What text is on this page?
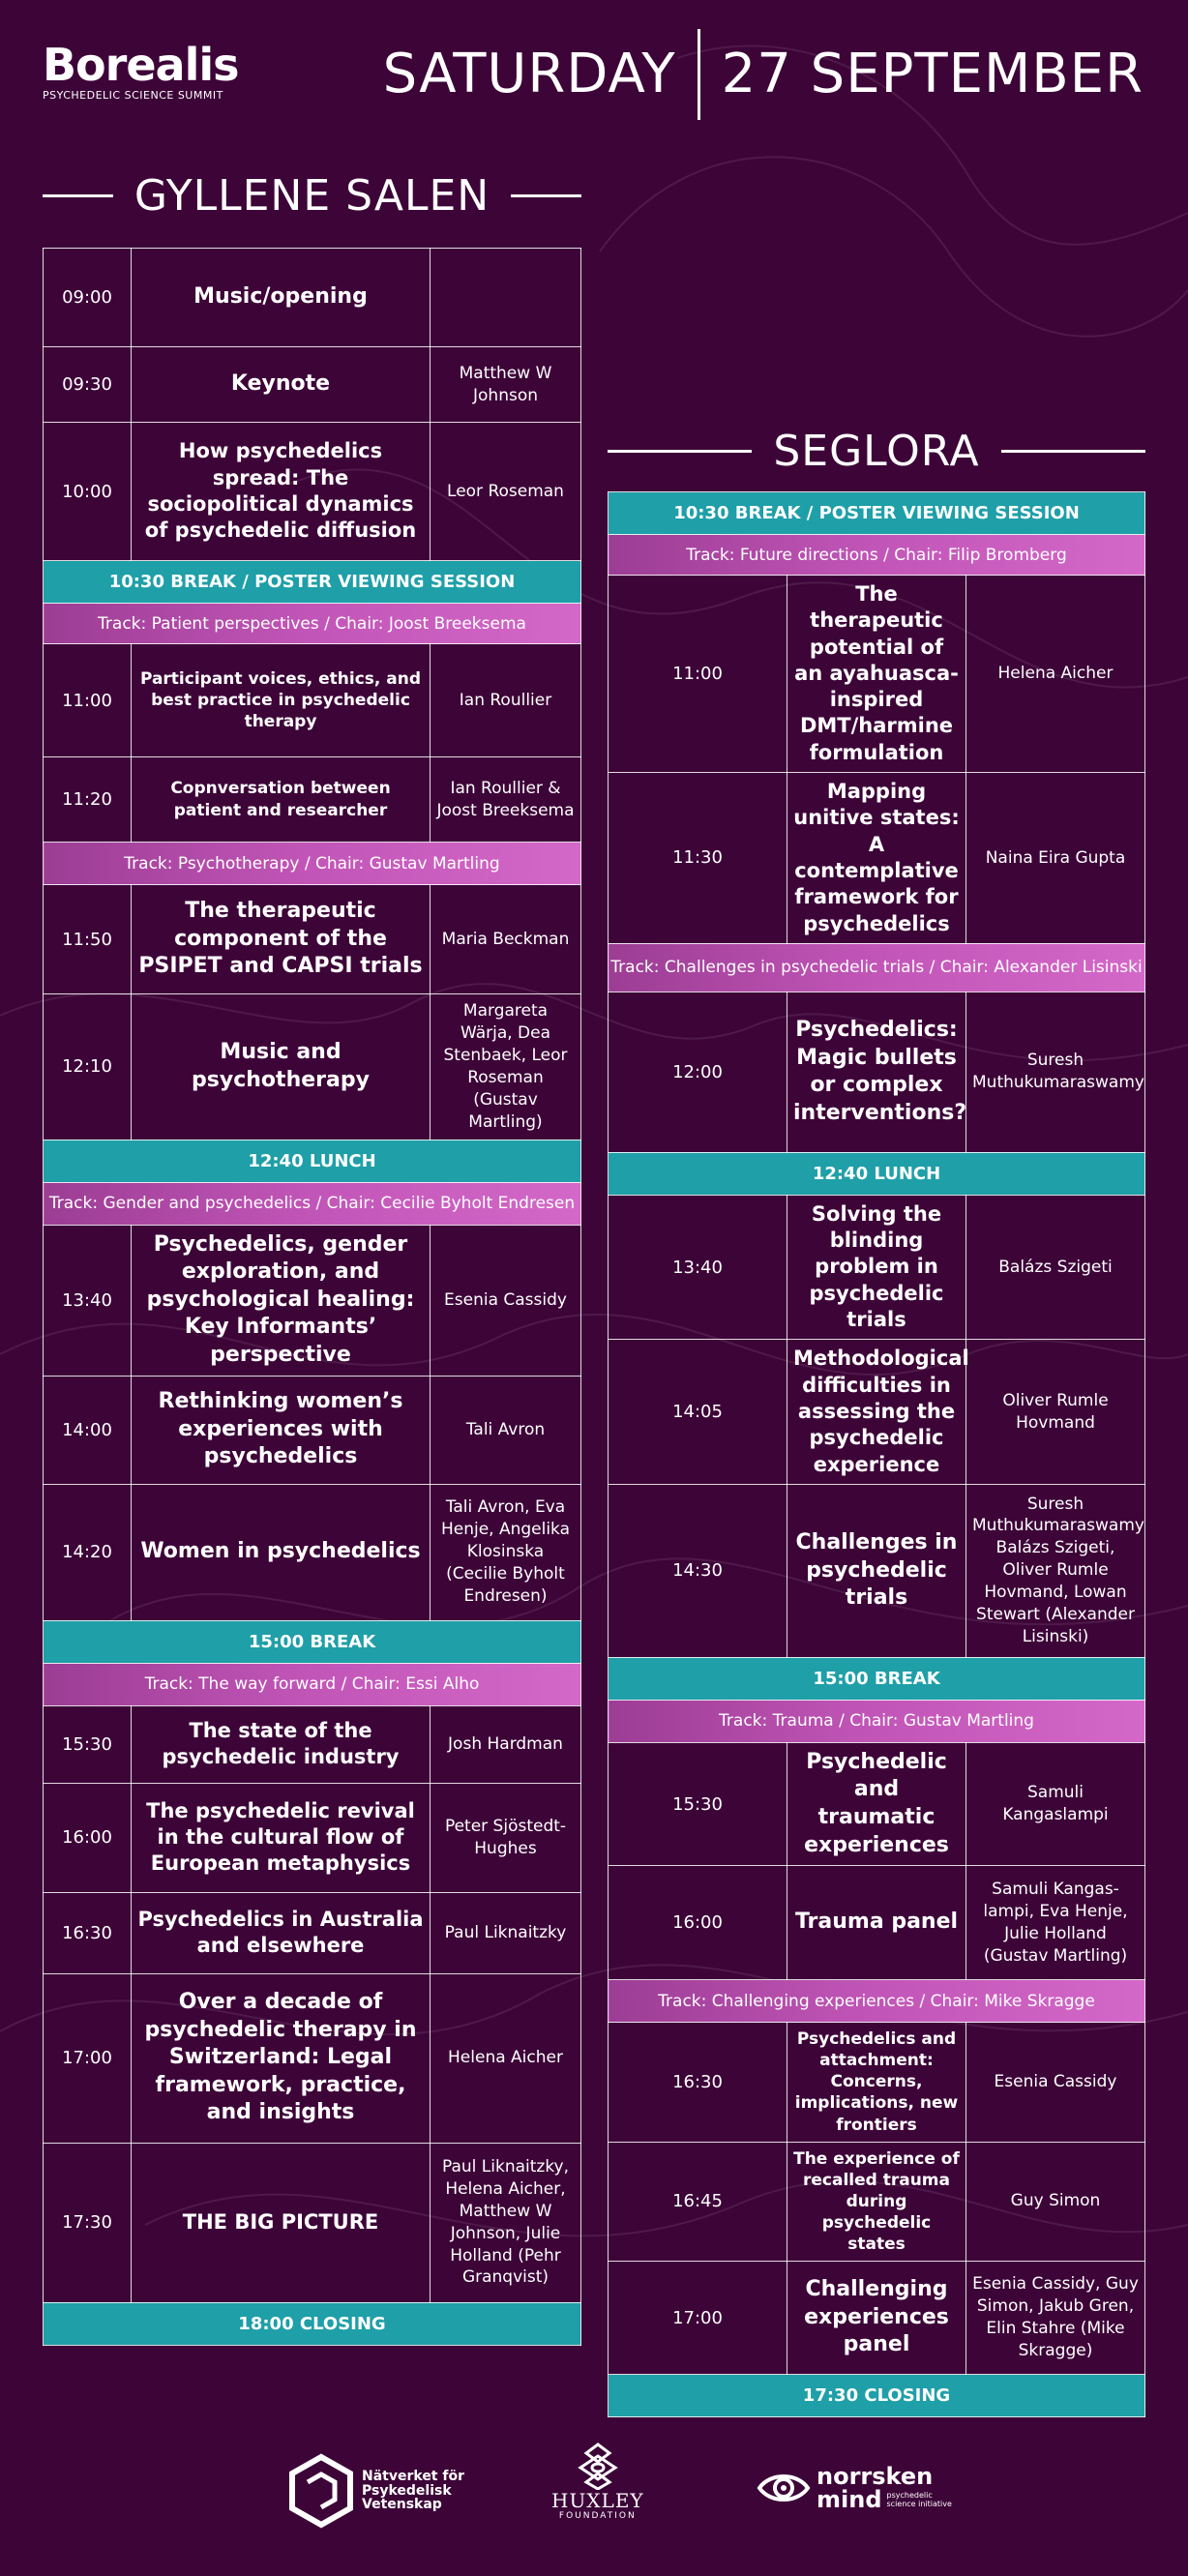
Borealis
PSYCHEDELIC SCIENCE SUMMIT	SATURDAY 27 SEPTEMBER
GYLLENE SALEN
09:00	Music/opening	
09:30	Keynote	Matthew W Johnson
10:00	How psychedelics spread: The sociopolitical dynamics of psychedelic diffusion	Leor Roseman
10:30 BREAK / POSTER VIEWING SESSION		
Track: Patient perspectives / Chair: Joost Breeksema		
11:00	Participant voices, ethics, and best practice in psychedelic therapy	Ian Roullier
11:20	Copnversation between patient and researcher	Ian Roullier & Joost Breeksema
Track: Psychotherapy / Chair: Gustav Martling		
11:50	The therapeutic component of the PSIPET and CAPSI trials	Maria Beckman
12:10	Music and psychotherapy	Margareta Wärja, Dea Stenbaek, Leor Roseman (Gustav Martling)
12:40 LUNCH		
Track: Gender and psychedelics / Chair: Cecilie Byholt Endresen		
13:40	Psychedelics, gender exploration, and psychological healing: Key Informants’ perspective	Esenia Cassidy
14:00	Rethinking women’s experiences with psychedelics	Tali Avron
14:20	Women in psychedelics	Tali Avron, Eva Henje, Angelika Klosinska (Cecilie Byholt Endresen)
15:00 BREAK		
Track: The way forward / Chair: Essi Alho		
15:30	The state of the psychedelic industry	Josh Hardman
16:00	The psychedelic revival in the cultural flow of European metaphysics	Peter Sjöstedt-Hughes
16:30	Psychedelics in Australia and elsewhere	Paul Liknaitzky
17:00	Over a decade of psychedelic therapy in Switzerland: Legal framework, practice, and insights	Helena Aicher
17:30	THE BIG PICTURE	Paul Liknaitzky, Helena Aicher, Matthew W Johnson, Julie Holland (Pehr Granqvist)
18:00 CLOSING		
SEGLORA
10:30 BREAK / POSTER VIEWING SESSION		
Track: Future directions / Chair: Filip Bromberg		
11:00	The therapeutic potential of an ayahuasca-inspired DMT/harmine formulation	Helena Aicher
11:30	Mapping unitive states: A contemplative framework for psychedelics	Naina Eira Gupta
Track: Challenges in psychedelic trials / Chair: Alexander Lisinski		
12:00	Psychedelics: Magic bullets or complex interventions?	Suresh Muthukumaraswamy
12:40 LUNCH		
13:40	Solving the blinding problem in psychedelic trials	Balázs Szigeti
14:05	Methodological difficulties in assessing the psychedelic experience	Oliver Rumle Hovmand
14:30	Challenges in psychedelic trials	Suresh Muthukumaraswamy Balázs Szigeti, Oliver Rumle Hovmand, Lowan Stewart (Alexander Lisinski)
15:00 BREAK		
Track: Trauma / Chair: Gustav Martling		
15:30	Psychedelic and traumatic experiences	Samuli Kangaslampi
16:00	Trauma panel	Samuli Kangas-lampi, Eva Henje, Julie Holland (Gustav Martling)
Track: Challenging experiences / Chair: Mike Skragge		
16:30	Psychedelics and attachment: Concerns, implications, new frontiers	Esenia Cassidy
16:45	The experience of recalled trauma during psychedelic states	Guy Simon
17:00	Challenging experiences panel	Esenia Cassidy, Guy Simon, Jakub Gren, Elin Stahre (Mike Skragge)
17:30 CLOSING		
Nätverket för
Psykedelisk
Vetenskap	HUXLEY
FOUNDATION
norrsken
mind psychedelic
science initiative
